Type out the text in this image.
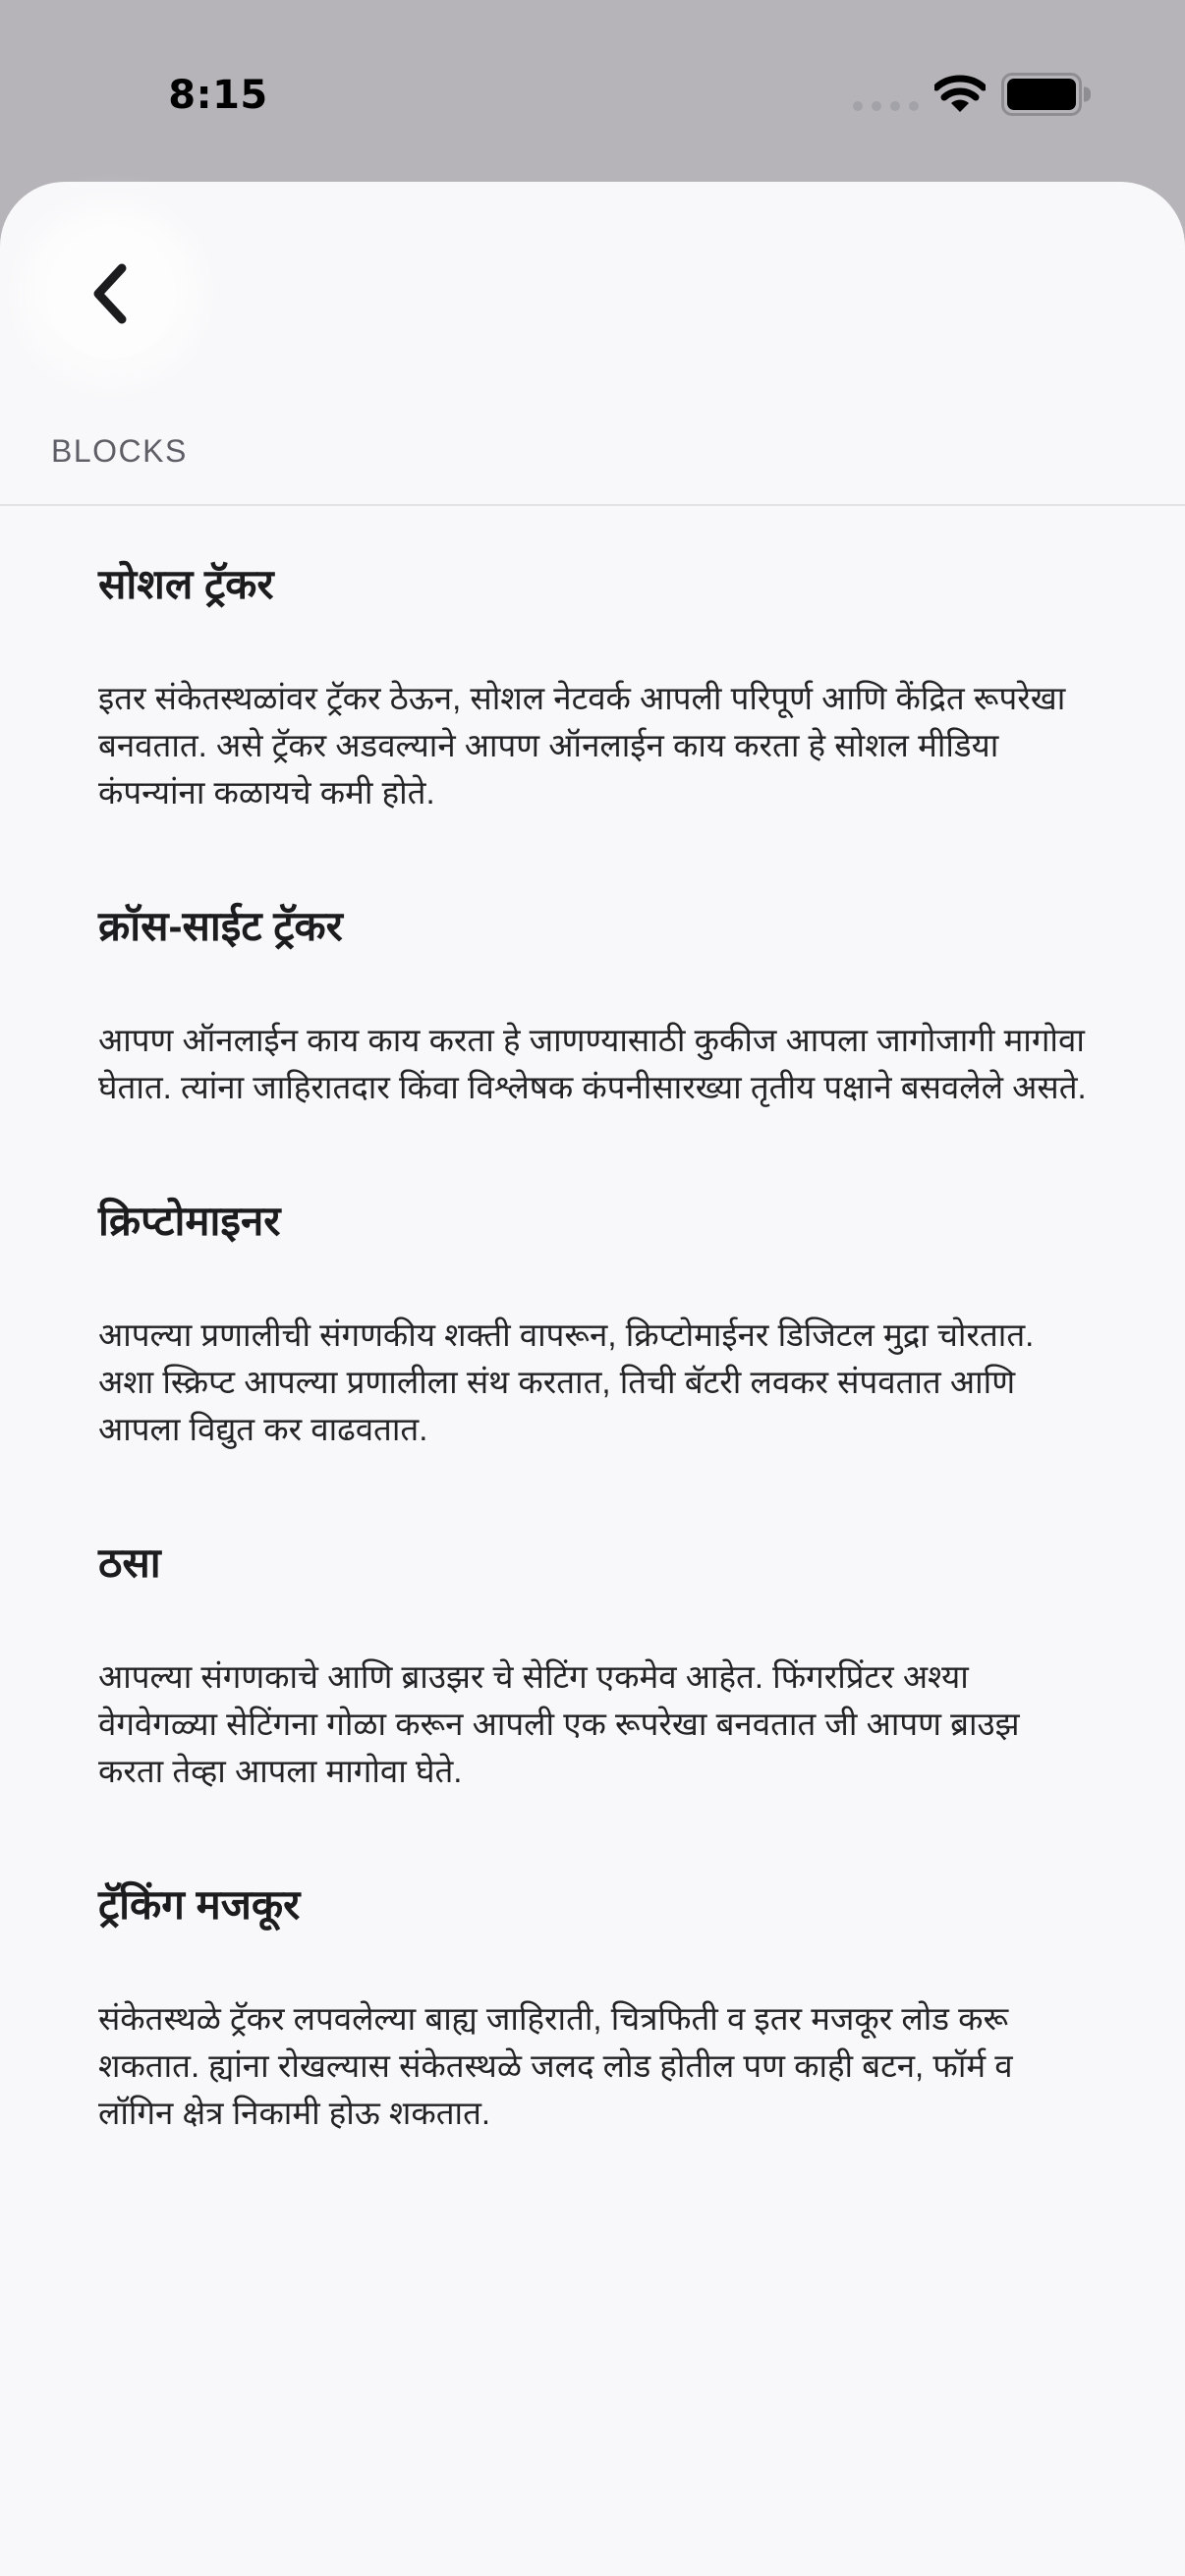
8:15
BLOCKS
सोशल ट्रॅकर

इतर संकेतस्थळांवर ट्रॅकर ठेऊन, सोशल नेटवर्क आपली परिपूर्ण आणि केंद्रित रूपरेखा बनवतात. असे ट्रॅकर अडवल्याने आपण ऑनलाईन काय करता हे सोशल मीडिया कंपन्यांना कळायचे कमी होते.

क्रॉस-साईट ट्रॅकर

आपण ऑनलाईन काय काय करता हे जाणण्यासाठी कुकीज आपला जागोजागी मागोवा घेतात. त्यांना जाहिरातदार किंवा विश्लेषक कंपनीसारख्या तृतीय पक्षाने बसवलेले असते.

क्रिप्टोमाइनर

आपल्या प्रणालीची संगणकीय शक्ती वापरून, क्रिप्टोमाईनर डिजिटल मुद्रा चोरतात. अशा स्क्रिप्ट आपल्या प्रणालीला संथ करतात, तिची बॅटरी लवकर संपवतात आणि आपला विद्युत कर वाढवतात.

ठसा

आपल्या संगणकाचे आणि ब्राउझर चे सेटिंग एकमेव आहेत. फिंगरप्रिंटर अश्या वेगवेगळ्या सेटिंगना गोळा करून आपली एक रूपरेखा बनवतात जी आपण ब्राउझ करता तेव्हा आपला मागोवा घेते.

ट्रॅकिंग मजकूर

संकेतस्थळे ट्रॅकर लपवलेल्या बाह्य जाहिराती, चित्रफिती व इतर मजकूर लोड करू शकतात. ह्यांना रोखल्यास संकेतस्थळे जलद लोड होतील पण काही बटन, फॉर्म व लॉगिन क्षेत्र निकामी होऊ शकतात.
